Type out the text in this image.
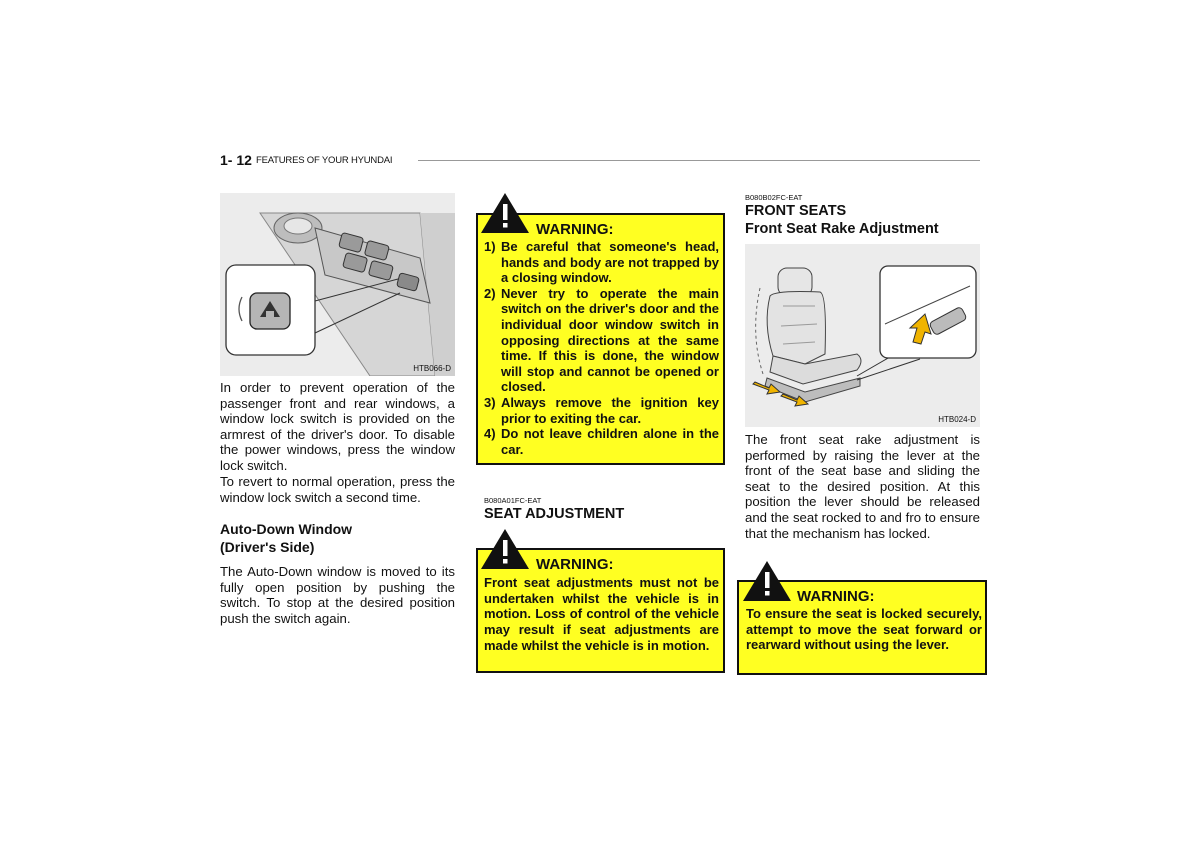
1- 12 FEATURES OF YOUR HYUNDAI
HTB066-D
In order to prevent operation of the passenger front and rear windows, a window lock switch is provided on the armrest of the driver's door. To disable the power windows, press the window lock switch.
To revert to normal operation, press the window lock switch a second time.
Auto-Down Window
(Driver's Side)
The Auto-Down window is moved to its fully open position by pushing the switch. To stop at the desired position push the switch again.
WARNING:
1) Be careful that someone's head, hands and body are not trapped by a closing window.
2) Never try to operate the main switch on the driver's door and the individual door window switch in opposing directions at the same time. If this is done, the window will stop and cannot be opened or closed.
3) Always remove the ignition key prior to exiting the car.
4) Do not leave children alone in the car.
B080A01FC-EAT
SEAT ADJUSTMENT
WARNING:

Front seat adjustments must not be undertaken whilst the vehicle is in motion. Loss of control of the vehicle may result if seat adjustments are made whilst the vehicle is in motion.

B080B02FC-EAT
FRONT SEATS
Front Seat Rake Adjustment
HTB024-D
The front seat rake adjustment is performed by raising the lever at the front of the seat base and sliding the seat to the desired position. At this position the lever should be released and the seat rocked to and fro to ensure that the mechanism has locked.
WARNING:

To ensure the seat is locked securely, attempt to move the seat forward or rearward without using the lever.
